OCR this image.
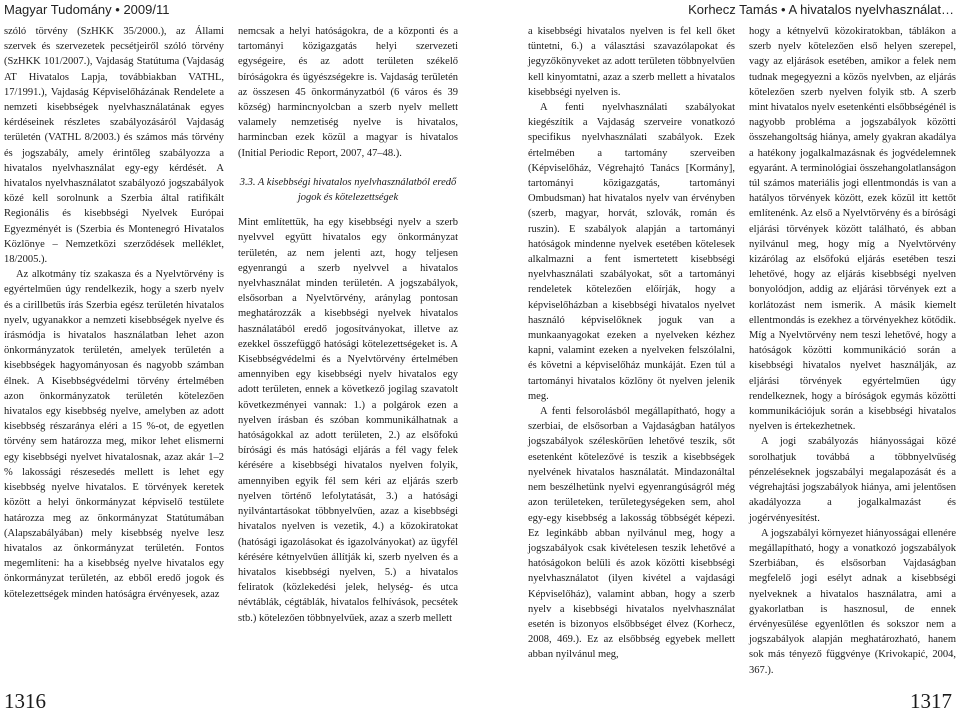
Magyar Tudomány • 2009/11

szóló törvény (SzHKK 35/2000.), az Állami szervek és szervezetek pecsétjeiről szóló törvény (SzHKK 101/2007.), Vajdaság Statútuma (Vajdaság AT Hivatalos Lapja, továbbiakban VATHL, 17/1991.), Vajdaság Képviselőházának Rendelete a nemzeti kisebbségek nyelvhasználatának egyes kérdéseinek részletes szabályozásáról Vajdaság területén (VATHL 8/2003.) és számos más törvény és jogszabály, amely érintőleg szabályozza a hivatalos nyelvhasználat egy-egy kérdését. A hivatalos nyelvhasználatot szabályozó jogszabályok közé kell sorolnunk a Szerbia által ratifikált Regionális és kisebbségi Nyelvek Európai Egyezményét is (Szerbia és Montenegró Hivatalos Közlönye – Nemzetközi szerződések melléklet, 18/2005.).

Az alkotmány tíz szakasza és a Nyelvtörvény is egyértelműen úgy rendelkezik, hogy a szerb nyelv és a cirillbetűs írás Szerbia egész területén hivatalos nyelv, ugyanakkor a nemzeti kisebbségek nyelve és írásmódja is hivatalos használatban lehet azon önkormányzatok területén, amelyek területén a kisebbségek hagyományosan és nagyobb számban élnek. A Kisebbségvédelmi törvény értelmében azon önkormányzatok területén kötelezően hivatalos egy kisebbség nyelve, amelyben az adott kisebbség részaránya eléri a 15 %-ot, de egyetlen törvény sem határozza meg, mikor lehet elismerni egy kisebbségi nyelvet hivatalosnak, azaz akár 1–2 % lakossági részesedés mellett is lehet egy kisebbség nyelve hivatalos. E törvények keretek között a helyi önkormányzat képviselő testülete határozza meg az önkormányzat Statútumában (Alapszabályában) mely kisebbség nyelve lesz hivatalos az önkormányzat területén. Fontos megemlíteni: ha a kisebbség nyelve hivatalos egy önkormányzat területén, az ebből eredő jogok és kötelezettségek minden hatóságra érvényesek, azaz

nemcsak a helyi hatóságokra, de a központi és a tartományi közigazgatás helyi szervezeti egységeire, és az adott területen székelő bíróságokra és ügyészségekre is. Vajdaság területén az összesen 45 önkormányzatból (6 város és 39 község) harmincnyolcban a szerb nyelv mellett valamely nemzetiség nyelve is hivatalos, harmincban ezek közül a magyar is hivatalos (Initial Periodic Report, 2007, 47–48.).

3.3. A kisebbségi hivatalos nyelvhasználatból eredő jogok és kötelezettségek

Mint említettük, ha egy kisebbségi nyelv a szerb nyelvvel együtt hivatalos egy önkormányzat területén, az nem jelenti azt, hogy teljesen egyenrangú a szerb nyelvvel a hivatalos nyelvhasználat minden területén. A jogszabályok, elsősorban a Nyelvtörvény, aránylag pontosan meghatározzák a kisebbségi nyelvek hivatalos használatából eredő jogosítványokat, illetve az ezekkel összefüggő hatósági kötelezettségeket is. A Kisebbségvédelmi és a Nyelvtörvény értelmében amennyiben egy kisebbségi nyelv hivatalos egy adott területen, ennek a következő jogilag szavatolt következményei vannak: 1.) a polgárok ezen a nyelven írásban és szóban kommunikálhatnak a hatóságokkal az adott területen, 2.) az elsőfokú bírósági és más hatósági eljárás a fél vagy felek kérésére a kisebbségi hivatalos nyelven folyik, amennyiben egyik fél sem kéri az eljárás szerb nyelven történő lefolytatását, 3.) a hatósági nyilvántartásokat többnyelvűen, azaz a kisebbségi hivatalos nyelven is vezetik, 4.) a közokiratokat (hatósági igazolásokat és igazolványokat) az ügyfél kérésére kétnyelvűen állítják ki, szerb nyelven és a hivatalos kisebbségi nyelven, 5.) a hivatalos feliratok (közlekedési jelek, helység- és utca névtáblák, cégtáblák, hivatalos felhívások, pecsétek stb.) kötelezően többnyelvűek, azaz a szerb mellett

1316
Korhecz Tamás • A hivatalos nyelvhasználat…

a kisebbségi hivatalos nyelven is fel kell őket tüntetni, 6.) a választási szavazólapokat és jegyzőkönyveket az adott területen többnyelvűen kell kinyomtatni, azaz a szerb mellett a hivatalos kisebbségi nyelven is.

A fenti nyelvhasználati szabályokat kiegészítik a Vajdaság szerveire vonatkozó specifikus nyelvhasználati szabályok. Ezek értelmében a tartomány szerveiben (Képviselőház, Végrehajtó Tanács [Kormány], tartományi közigazgatás, tartományi Ombudsman) hat hivatalos nyelv van érvényben (szerb, magyar, horvát, szlovák, román és ruszin). E szabályok alapján a tartományi hatóságok mindenne nyelvek esetében kötelesek alkalmazni a fent ismertetett kisebbségi nyelvhasználati szabályokat, sőt a tartományi rendeletek kötelezően előírják, hogy a képviselőházban a kisebbségi hivatalos nyelvet használó képviselőknek joguk van a munkaanyagokat ezeken a nyelveken kézhez kapni, valamint ezeken a nyelveken felszólalni, és követni a képviselőház munkáját. Ezen túl a tartományi hivatalos közlöny öt nyelven jelenik meg.

A fenti felsorolásból megállapítható, hogy a szerbiai, de elsősorban a Vajdaságban hatályos jogszabályok széleskörűen lehetővé teszik, sőt esetenként kötelezővé is teszik a kisebbségek nyelvének hivatalos használatát. Mindazonáltal nem beszélhetünk nyelvi egyenrangúságról még azon területeken, területegységeken sem, ahol egy-egy kisebbség a lakosság többségét képezi. Ez leginkább abban nyilvánul meg, hogy a jogszabályok csak kivételesen teszik lehetővé a hatóságokon belüli és azok közötti kisebbségi nyelvhasználatot (ilyen kivétel a vajdasági Képviselőház), valamint abban, hogy a szerb nyelv a kisebbségi hivatalos nyelvhasználat esetén is bizonyos elsőbbséget élvez (Korhecz, 2008, 469.). Ez az elsőbbség egyebek mellett abban nyilvánul meg,

hogy a kétnyelvű közokiratokban, táblákon a szerb nyelv kötelezően első helyen szerepel, vagy az eljárások esetében, amikor a felek nem tudnak megegyezni a közös nyelvben, az eljárás kötelezően szerb nyelven folyik stb. A szerb mint hivatalos nyelv esetenkénti elsőbbségénél is nagyobb probléma a jogszabályok közötti összehangoltság hiánya, amely gyakran akadálya a hatékony jogalkalmazásnak és jogvédelemnek egyaránt. A terminológiai összehangolatlanságon túl számos materiális jogi ellentmondás is van a hatályos törvények között, ezek közül itt kettőt említenénk. Az első a Nyelvtörvény és a bírósági eljárási törvények között található, és abban nyilvánul meg, hogy míg a Nyelvtörvény kizárólag az elsőfokú eljárás esetében teszi lehetővé, hogy az eljárás kisebbségi nyelven bonyolódjon, addig az eljárási törvények ezt a korlátozást nem ismerik. A másik kiemelt ellentmondás is ezekhez a törvényekhez kötődik. Míg a Nyelvtörvény nem teszi lehetővé, hogy a hatóságok közötti kommunikáció során a kisebbségi hivatalos nyelvet használják, az eljárási törvények egyértelműen úgy rendelkeznek, hogy a bíróságok egymás közötti kommunikációjuk során a kisebbségi hivatalos nyelven is értekezhetnek.

A jogi szabályozás hiányosságai közé sorolhatjuk továbbá a többnyelvűség pénzeléseknek jogszabályi megalapozását és a végrehajtási jogszabályok hiánya, ami jelentősen akadályozza a jogalkalmazást és jogérvényesítést.

A jogszabályi környezet hiányosságai ellenére megállapítható, hogy a vonatkozó jogszabályok Szerbiában, és elsősorban Vajdaságban megfelelő jogi esélyt adnak a kisebbségi nyelveknek a hivatalos használatra, ami a gyakorlatban is hasznosul, de ennek érvényesülése egyenlőtlen és sokszor nem a jogszabályok alapján meghatározható, hanem sok más tényező függvénye (Krivokapić, 2004, 367.).

1317
